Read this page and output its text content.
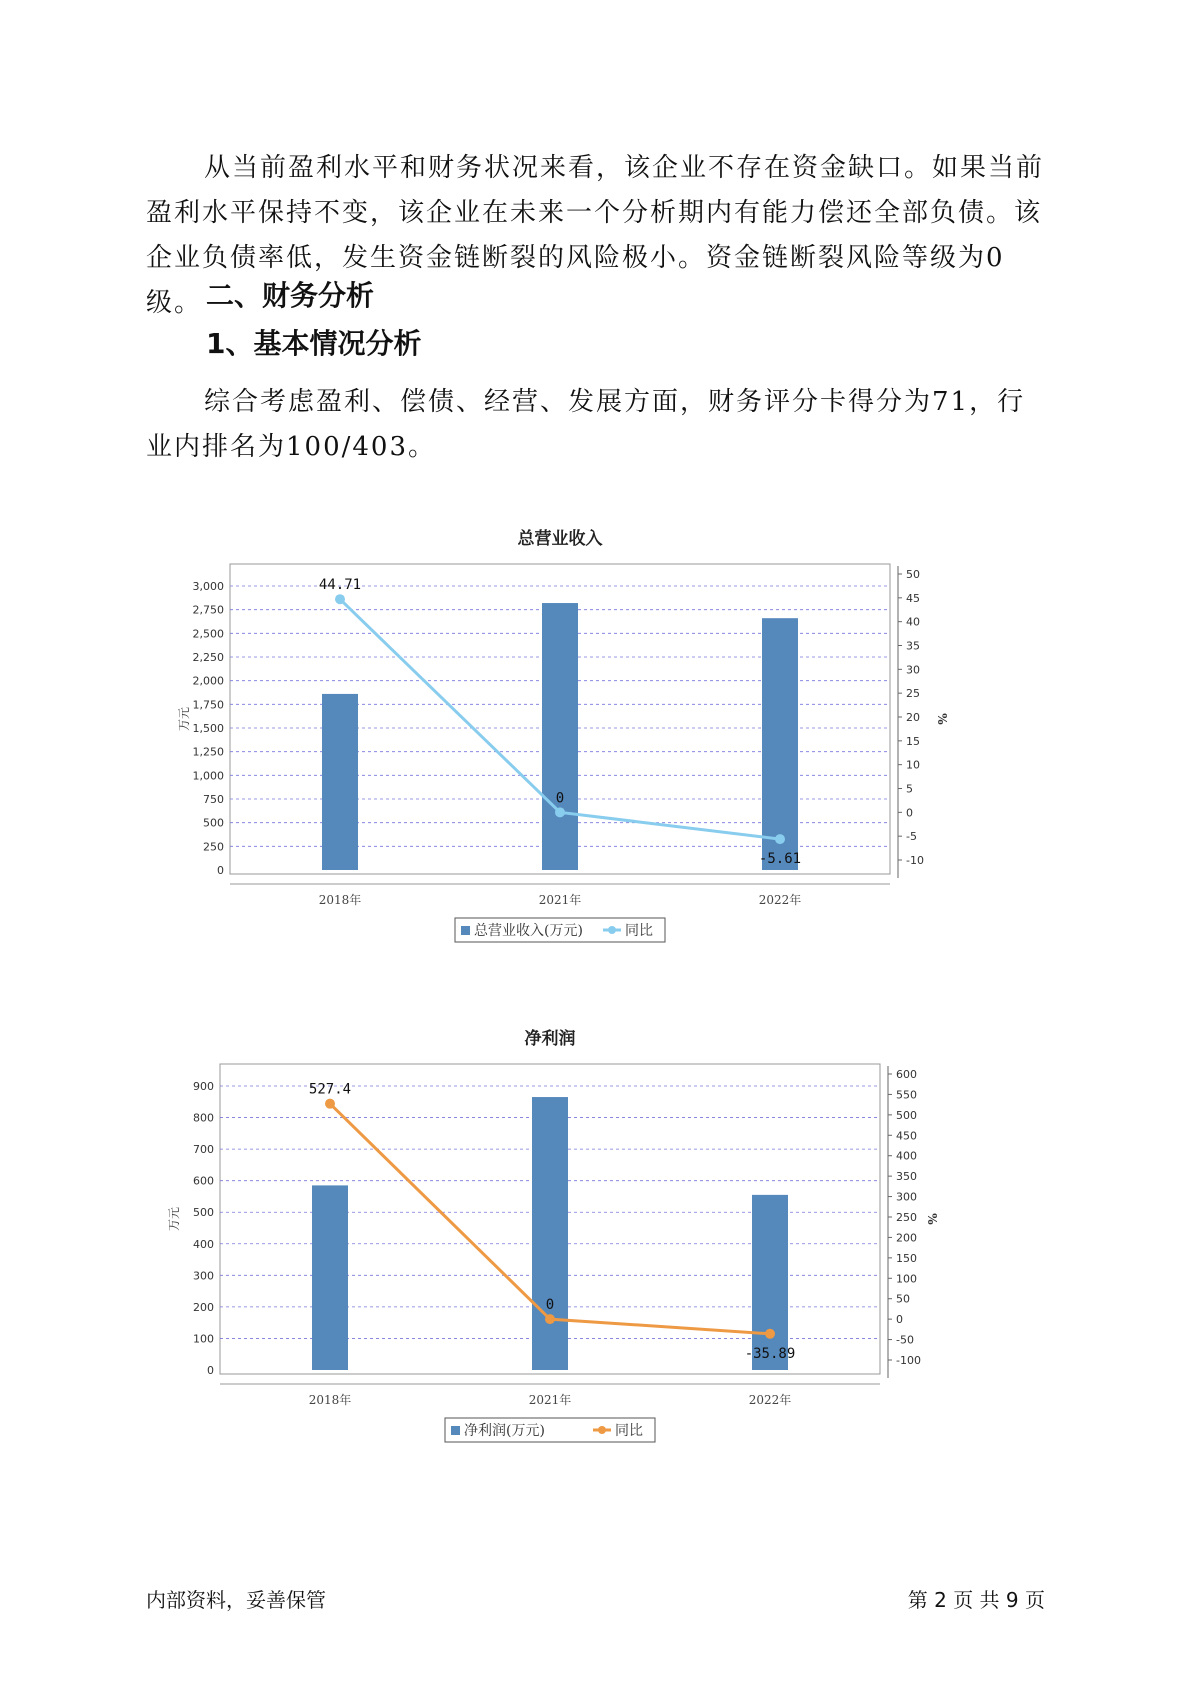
从当前盈利水平和财务状况来看，该企业不存在资金缺口。如果当前盈利水平保持不变，该企业在未来一个分析期内有能力偿还全部负债。该企业负债率低，发生资金链断裂的风险极小。资金链断裂风险等级为0级。 二、财务分析
1、基本情况分析

综合考虑盈利、偿债、经营、发展方面，财务评分卡得分为71，行业内排名为100/403。

总营业收入
0
250
500
750
1,000
1,250
1,500
1,750
2,000
2,250
2,500
2,750
3,000
-10
-5
0
5
10
15
20
25
30
35
40
45
50
万元	%
2018年	2021年	2022年
44.71
0
-5.61
总营业收入(万元)	同比
净利润
0
100
200
300
400
500
600
700
800
900
-100
-50
0
50
100
150
200
250
300
350
400
450
500
550
600
万元	%
2018年	2021年	2022年
527.4
0
-35.89
净利润(万元)	同比
内部资料，妥善保管	第 2 页 共 9 页
